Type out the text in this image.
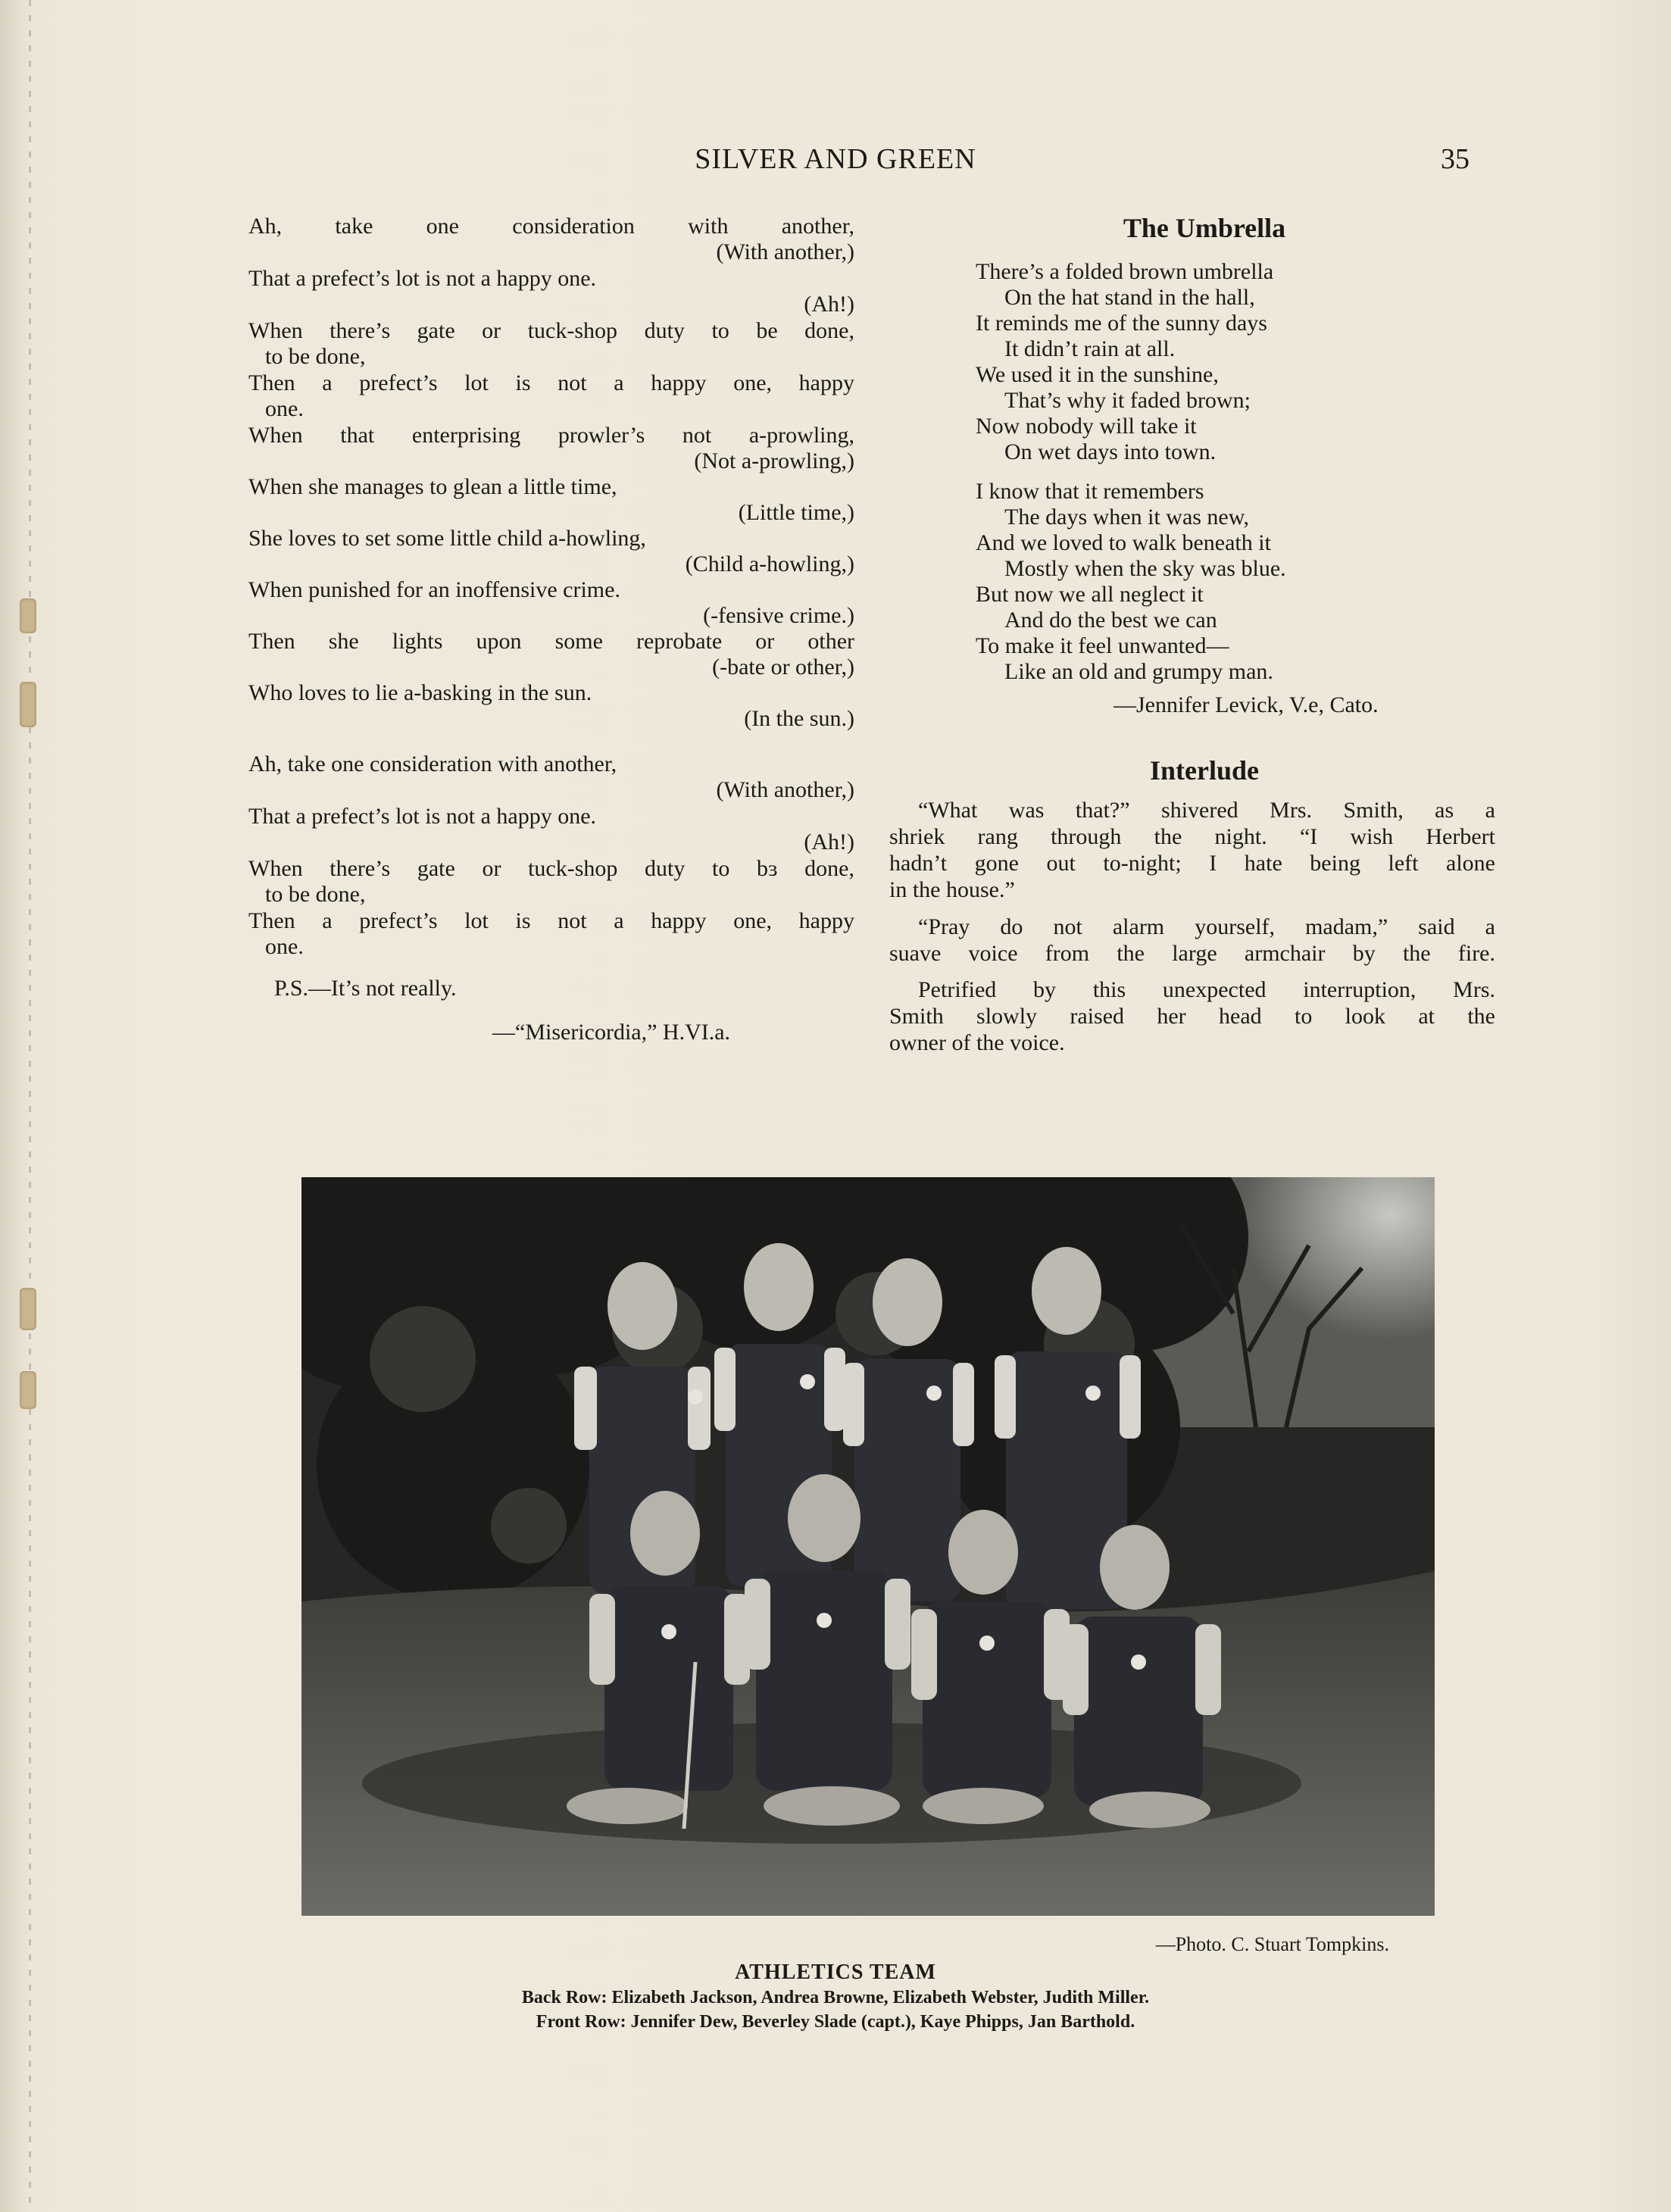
SILVER AND GREEN	35
Ah, take one consideration with another,
(With another,)
That a prefect’s lot is not a happy one.
(Ah!)
When there’s gate or tuck-shop duty to be done,
to be done,
Then a prefect’s lot is not a happy one, happy
one.
When that enterprising prowler’s not a-prowling,
(Not a-prowling,)
When she manages to glean a little time,
(Little time,)
She loves to set some little child a-howling,
(Child a-howling,)
When punished for an inoffensive crime.
(-fensive crime.)
Then she lights upon some reprobate or other
(-bate or other,)
Who loves to lie a-basking in the sun.
(In the sun.)
Ah, take one consideration with another,
(With another,)
That a prefect’s lot is not a happy one.
(Ah!)
When there’s gate or tuck-shop duty to bɜ done,
to be done,
Then a prefect’s lot is not a happy one, happy
one.
P.S.—It’s not really.
—“Misericordia,” H.VI.a.
The Umbrella
There’s a folded brown umbrella
On the hat stand in the hall,
It reminds me of the sunny days
It didn’t rain at all.
We used it in the sunshine,
That’s why it faded brown;
Now nobody will take it
On wet days into town.
I know that it remembers
The days when it was new,
And we loved to walk beneath it
Mostly when the sky was blue.
But now we all neglect it
And do the best we can
To make it feel unwanted—
Like an old and grumpy man.
—Jennifer Levick, V.e, Cato.
Interlude
“What was that?” shivered Mrs. Smith, as a
shriek rang through the night. “I wish Herbert
hadn’t gone out to-night; I hate being left alone
in the house.”
“Pray do not alarm yourself, madam,” said a
suave voice from the large armchair by the fire.
Petrified by this unexpected interruption, Mrs.
Smith slowly raised her head to look at the
owner of the voice.
—Photo. C. Stuart Tompkins.
ATHLETICS TEAM
Back Row: Elizabeth Jackson, Andrea Browne, Elizabeth Webster, Judith Miller.
Front Row: Jennifer Dew, Beverley Slade (capt.), Kaye Phipps, Jan Barthold.
